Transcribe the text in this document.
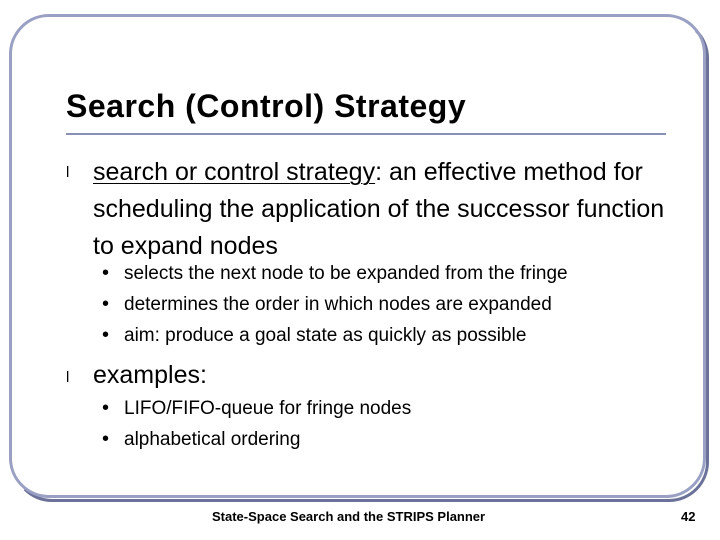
Search (Control) Strategy
l search or control strategy: an effective method for scheduling the application of the successor function to expand nodes
• selects the next node to be expanded from the fringe
• determines the order in which nodes are expanded
• aim: produce a goal state as quickly as possible
l examples:
• LIFO/FIFO-queue for fringe nodes
• alphabetical ordering
State-Space Search and the STRIPS Planner	42
